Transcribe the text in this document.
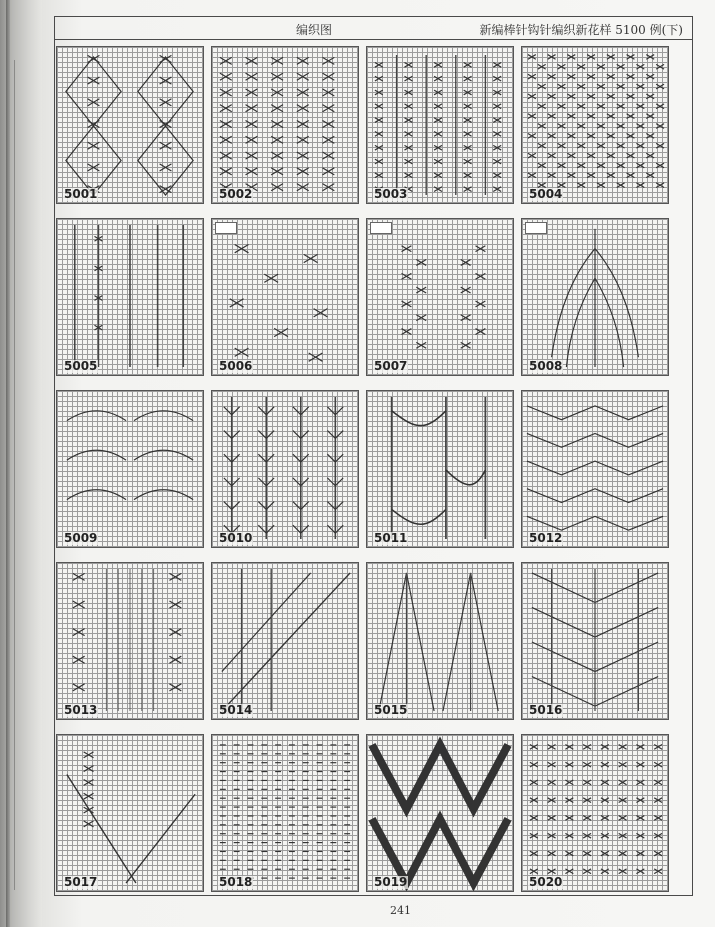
编织图	新编棒针钩针编织新花样 5100 例(下)
241
5001	5002	5003	5004
5005	5006	5007	5008
5009	5010	5011	5012
5013	5014	5015	5016
5017	5018	5019	5020
